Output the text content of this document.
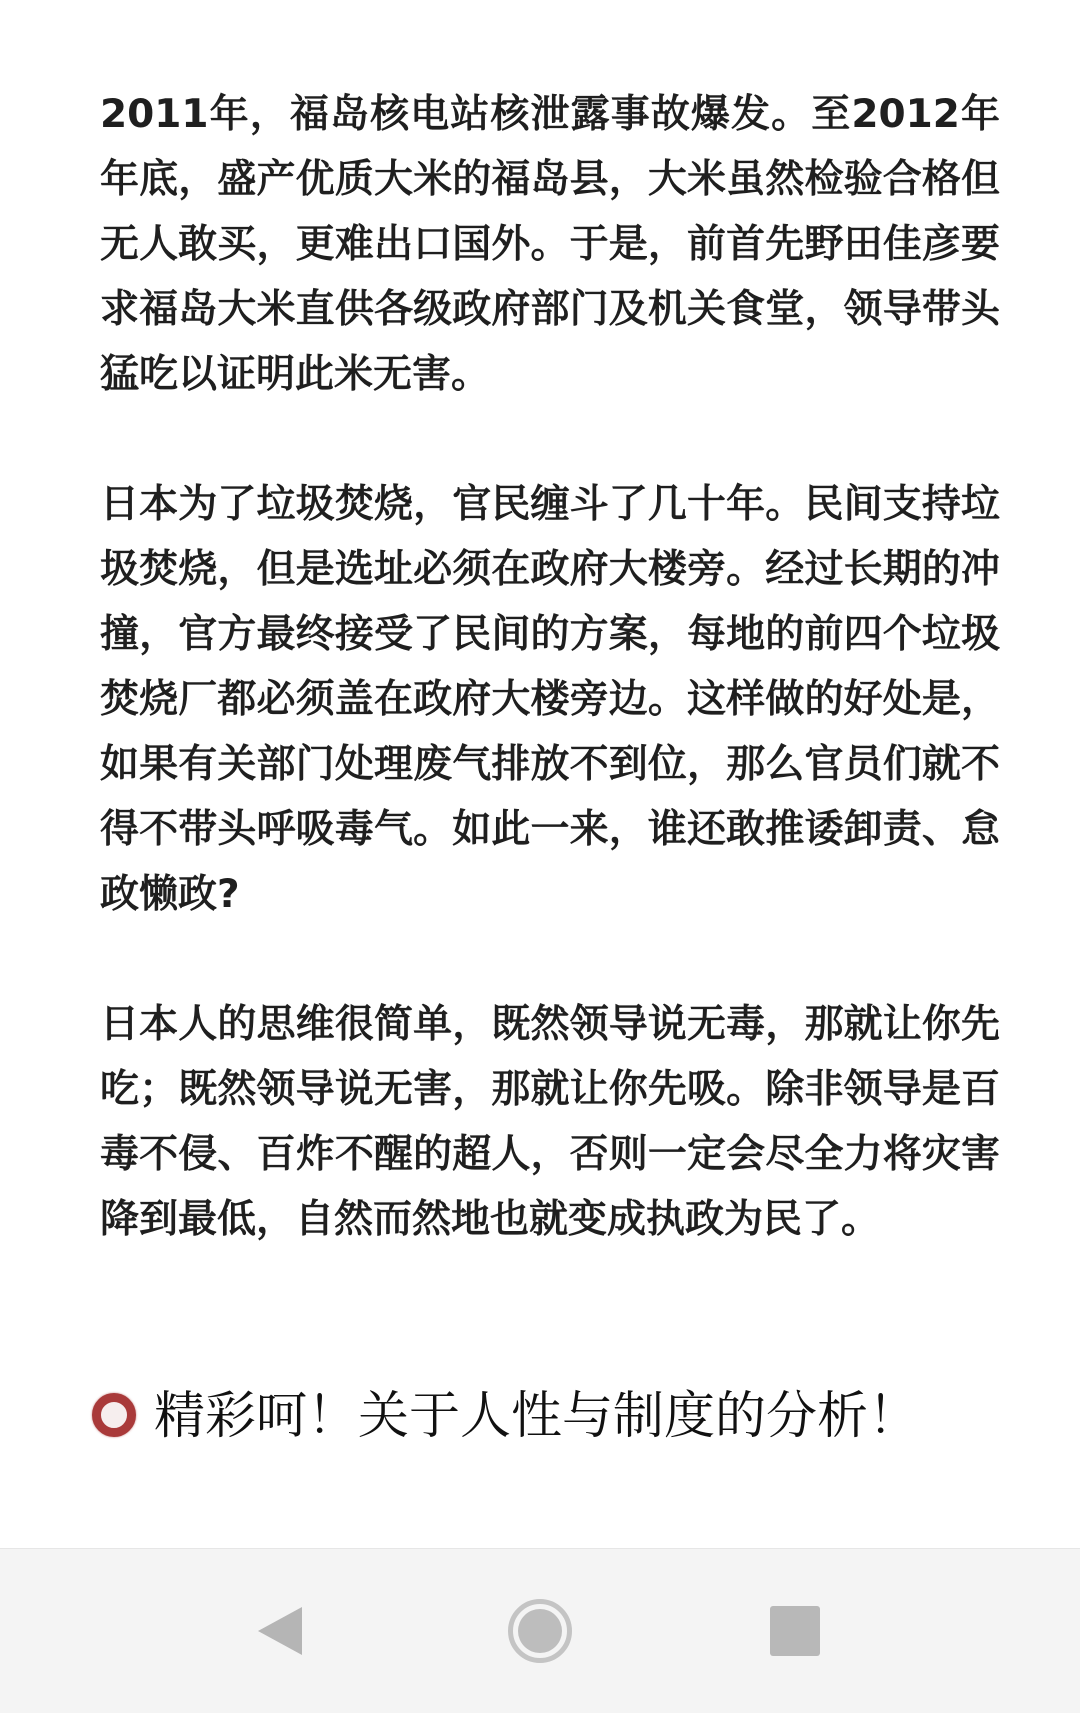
2011年，福岛核电站核泄露事故爆发。至2012年年底，盛产优质大米的福岛县，大米虽然检验合格但无人敢买，更难出口国外。于是，前首先野田佳彦要求福岛大米直供各级政府部门及机关食堂，领导带头猛吃以证明此米无害。

日本为了垃圾焚烧，官民缠斗了几十年。民间支持垃圾焚烧，但是选址必须在政府大楼旁。经过长期的冲撞，官方最终接受了民间的方案，每地的前四个垃圾焚烧厂都必须盖在政府大楼旁边。这样做的好处是，如果有关部门处理废气排放不到位，那么官员们就不得不带头呼吸毒气。如此一来，谁还敢推诿卸责、怠政懒政?

日本人的思维很简单，既然领导说无毒，那就让你先吃；既然领导说无害，那就让你先吸。除非领导是百毒不侵、百炸不醒的超人，否则一定会尽全力将灾害降到最低，自然而然地也就变成执政为民了。

精彩呵！关于人性与制度的分析！
